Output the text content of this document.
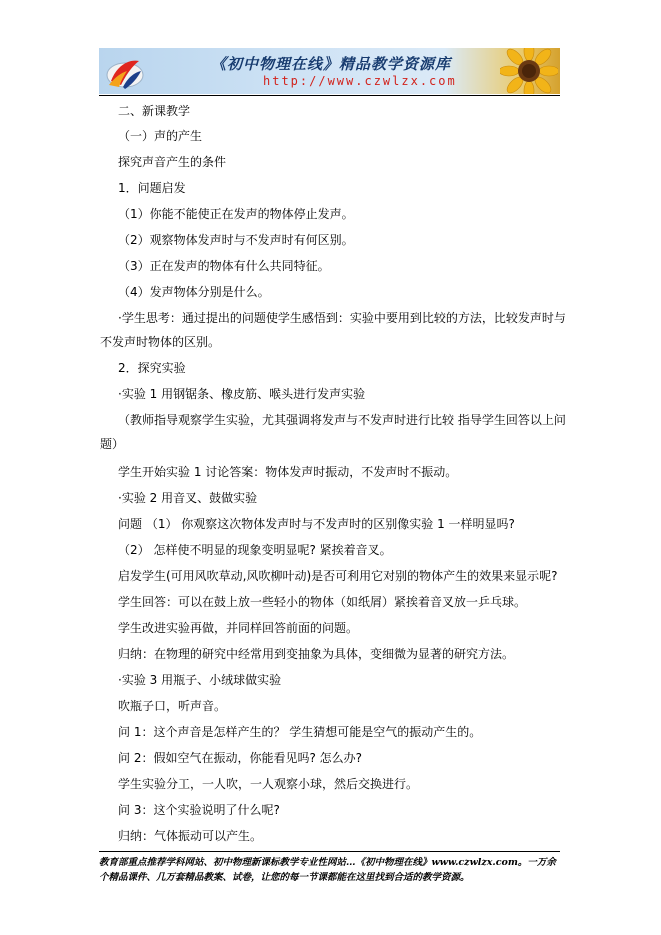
《初中物理在线》精品教学资源库
http://www.czwlzx.com
二、新课教学
（一）声的产生
探究声音产生的条件
1．问题启发
（1）你能不能使正在发声的物体停止发声。
（2）观察物体发声时与不发声时有何区别。
（3）正在发声的物体有什么共同特征。
（4）发声物体分别是什么。
·学生思考：通过提出的问题使学生感悟到：实验中要用到比较的方法，比较发声时与
不发声时物体的区别。
2．探究实验
·实验 1 用钢锯条、橡皮筋、喉头进行发声实验
（教师指导观察学生实验，尤其强调将发声与不发声时进行比较 指导学生回答以上问
题）
学生开始实验 1 讨论答案：物体发声时振动，不发声时不振动。
·实验 2 用音叉、鼓做实验
问题 （1） 你观察这次物体发声时与不发声时的区别像实验 1 一样明显吗?
（2） 怎样使不明显的现象变明显呢? 紧挨着音叉。
启发学生(可用风吹草动,风吹柳叶动)是否可利用它对别的物体产生的效果来显示呢?
学生回答：可以在鼓上放一些轻小的物体（如纸屑）紧挨着音叉放一乒乓球。
学生改进实验再做，并同样回答前面的问题。
归纳：在物理的研究中经常用到变抽象为具体，变细微为显著的研究方法。
·实验 3 用瓶子、小绒球做实验
吹瓶子口，听声音。
问 1：这个声音是怎样产生的？ 学生猜想可能是空气的振动产生的。
问 2：假如空气在振动，你能看见吗? 怎么办?
学生实验分工，一人吹，一人观察小球，然后交换进行。
问 3：这个实验说明了什么呢?
归纳：气体振动可以产生。
教育部重点推荐学科网站、初中物理新课标教学专业性网站…《初中物理在线》www.czwlzx.com。一万余
个精品课件、几万套精品教案、试卷，让您的每一节课都能在这里找到合适的教学资源。
